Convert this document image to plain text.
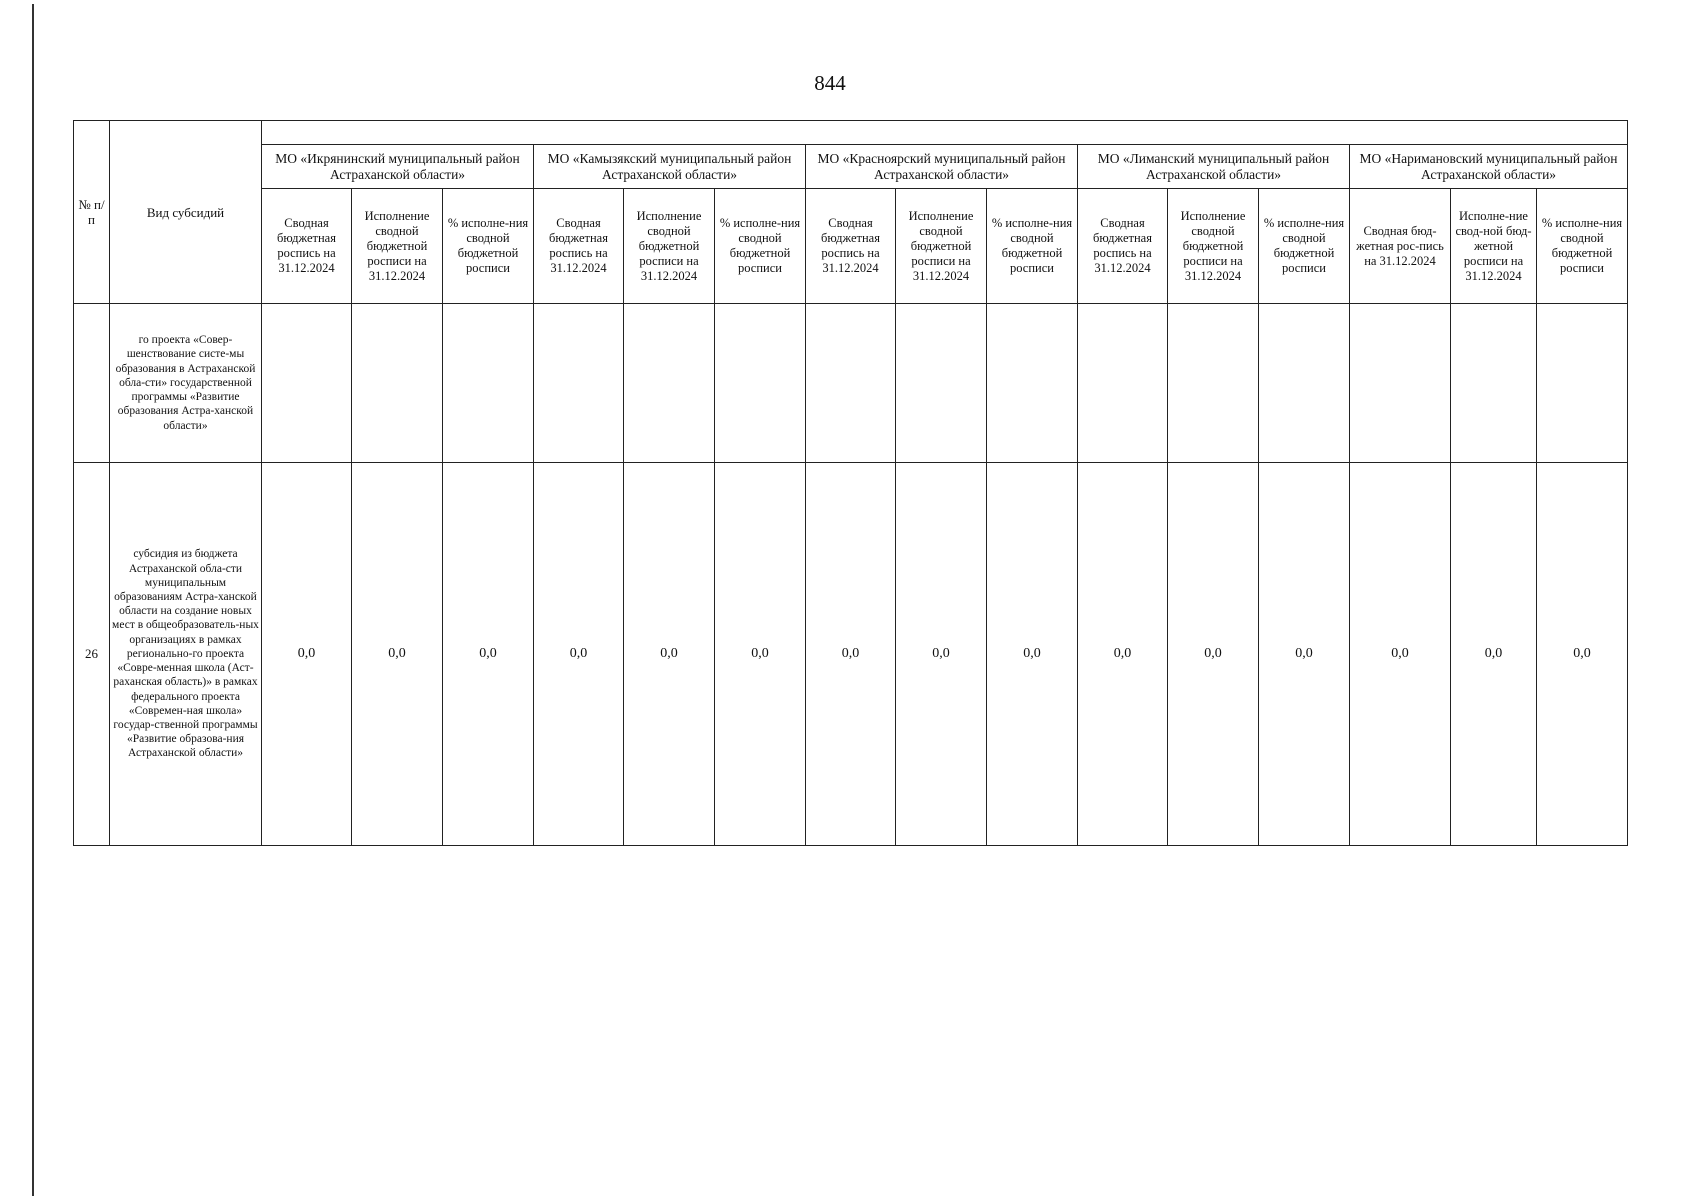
844
№ п/п	Вид субсидий															
		МО «Икрянинский муниципальный район Астраханской области»			МО «Камызякский муниципальный район Астраханской области»			МО «Красноярский муниципальный район Астраханской области»			МО «Лиманский муниципальный район Астраханской области»			МО «Наримановский муниципальный район Астраханской области»		
		Сводная бюджетная роспись на 31.12.2024	Исполнение сводной бюджетной росписи на 31.12.2024	% исполне-ния сводной бюджетной росписи	Сводная бюджетная роспись на 31.12.2024	Исполнение сводной бюджетной росписи на 31.12.2024	% исполне-ния сводной бюджетной росписи	Сводная бюджетная роспись на 31.12.2024	Исполнение сводной бюджетной росписи на 31.12.2024	% исполне-ния сводной бюджетной росписи	Сводная бюджетная роспись на 31.12.2024	Исполнение сводной бюджетной росписи на 31.12.2024	% исполне-ния сводной бюджетной росписи	Сводная бюд-жетная рос-пись на 31.12.2024	Исполне-ние свод-ной бюд-жетной росписи на 31.12.2024	% исполне-ния сводной бюджетной росписи
	го проекта «Совер-шенствование систе-мы образования в Астраханской обла-сти» государственной программы «Развитие образования Астра-ханской области»															
26	субсидия из бюджета Астраханской обла-сти муниципальным образованиям Астра-ханской области на создание новых мест в общеобразователь-ных организациях в рамках регионально-го проекта «Совре-менная школа (Аст-раханская область)» в рамках федерального проекта «Современ-ная школа» государ-ственной программы «Развитие образова-ния Астраханской области»	0,0	0,0	0,0	0,0	0,0	0,0	0,0	0,0	0,0	0,0	0,0	0,0	0,0	0,0	0,0
